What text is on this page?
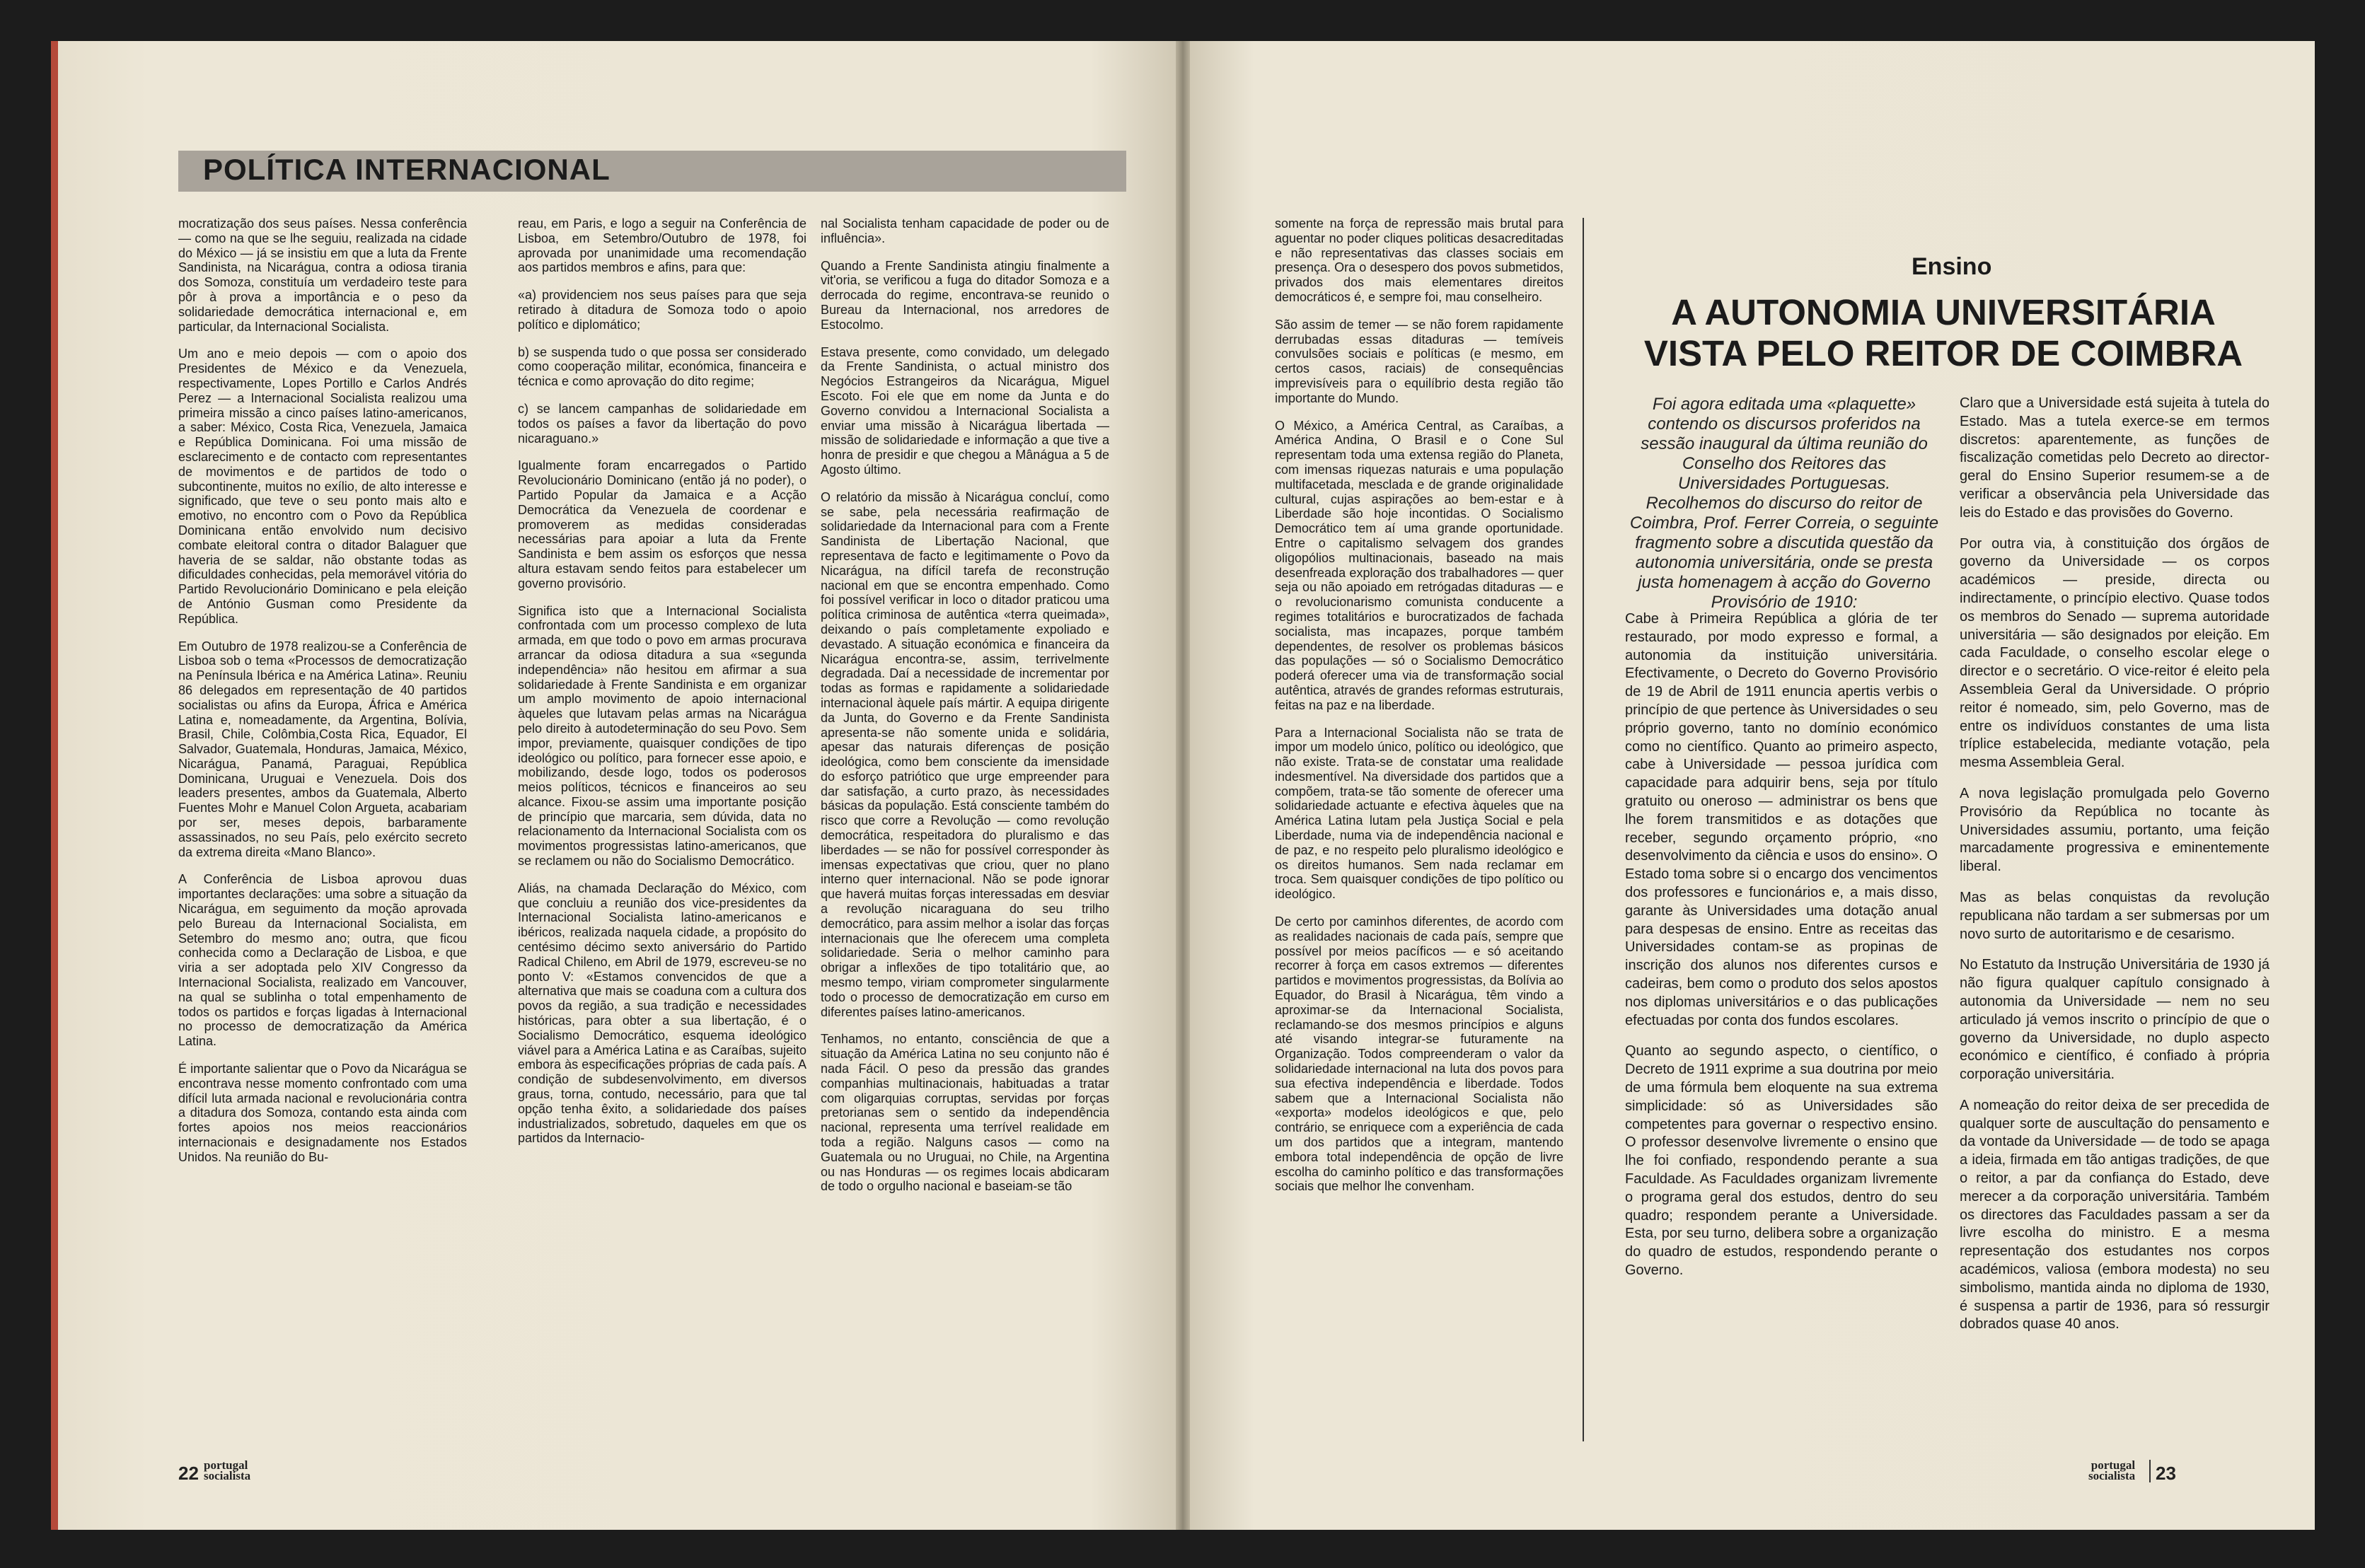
POLÍTICA INTERNACIONAL

mocratização dos seus países. Nessa conferência — como na que se lhe seguiu, realizada na cidade do México — já se insistiu em que a luta da Frente Sandinista, na Nicarágua, contra a odiosa tirania dos Somoza, constituía um verdadeiro teste para pôr à prova a importância e o peso da solidariedade democrática internacional e, em particular, da Internacional Socialista.

Um ano e meio depois — com o apoio dos Presidentes de México e da Venezuela, respectivamente, Lopes Portillo e Carlos Andrés Perez — a Internacional Socialista realizou uma primeira missão a cinco países latino-americanos, a saber: México, Costa Rica, Venezuela, Jamaica e República Dominicana. Foi uma missão de esclarecimento e de contacto com representantes de movimentos e de partidos de todo o subcontinente, muitos no exílio, de alto interesse e significado, que teve o seu ponto mais alto e emotivo, no encontro com o Povo da República Dominicana então envolvido num decisivo combate eleitoral contra o ditador Balaguer que haveria de se saldar, não obstante todas as dificuldades conhecidas, pela memorável vitória do Partido Revolucionário Dominicano e pela eleição de António Gusman como Presidente da República.

Em Outubro de 1978 realizou-se a Conferência de Lisboa sob o tema «Processos de democratização na Península Ibérica e na América Latina». Reuniu 86 delegados em representação de 40 partidos socialistas ou afins da Europa, África e América Latina e, nomeadamente, da Argentina, Bolívia, Brasil, Chile, Colômbia,Costa Rica, Equador, El Salvador, Guatemala, Honduras, Jamaica, México, Nicarágua, Panamá, Paraguai, República Dominicana, Uruguai e Venezuela. Dois dos leaders presentes, ambos da Guatemala, Alberto Fuentes Mohr e Manuel Colon Argueta, acabariam por ser, meses depois, barbaramente assassinados, no seu País, pelo exército secreto da extrema direita «Mano Blanco».

A Conferência de Lisboa aprovou duas importantes declarações: uma sobre a situação da Nicarágua, em seguimento da moção aprovada pelo Bureau da Internacional Socialista, em Setembro do mesmo ano; outra, que ficou conhecida como a Declaração de Lisboa, e que viria a ser adoptada pelo XIV Congresso da Internacional Socialista, realizado em Vancouver, na qual se sublinha o total empenhamento de todos os partidos e forças ligadas à Internacional no processo de democratização da América Latina.

É importante salientar que o Povo da Nicarágua se encontrava nesse momento confrontado com uma difícil luta armada nacional e revolucionária contra a ditadura dos Somoza, contando esta ainda com fortes apoios nos meios reaccionários internacionais e designadamente nos Estados Unidos. Na reunião do Bu-

reau, em Paris, e logo a seguir na Conferência de Lisboa, em Setembro/Outubro de 1978, foi aprovada por unanimidade uma recomendação aos partidos membros e afins, para que:

«a) providenciem nos seus países para que seja retirado à ditadura de Somoza todo o apoio político e diplomático;

b) se suspenda tudo o que possa ser considerado como cooperação militar, económica, financeira e técnica e como aprovação do dito regime;

c) se lancem campanhas de solidariedade em todos os países a favor da libertação do povo nicaraguano.»

Igualmente foram encarregados o Partido Revolucionário Dominicano (então já no poder), o Partido Popular da Jamaica e a Acção Democrática da Venezuela de coordenar e promoverem as medidas consideradas necessárias para apoiar a luta da Frente Sandinista e bem assim os esforços que nessa altura estavam sendo feitos para estabelecer um governo provisório.

Significa isto que a Internacional Socialista confrontada com um processo complexo de luta armada, em que todo o povo em armas procurava arrancar da odiosa ditadura a sua «segunda independência» não hesitou em afirmar a sua solidariedade à Frente Sandinista e em organizar um amplo movimento de apoio internacional àqueles que lutavam pelas armas na Nicarágua pelo direito à autodeterminação do seu Povo. Sem impor, previamente, quaisquer condições de tipo ideológico ou político, para fornecer esse apoio, e mobilizando, desde logo, todos os poderosos meios políticos, técnicos e financeiros ao seu alcance. Fixou-se assim uma importante posição de princípio que marcaria, sem dúvida, data no relacionamento da Internacional Socialista com os movimentos progressistas latino-americanos, que se reclamem ou não do Socialismo Democrático.

Aliás, na chamada Declaração do México, com que concluiu a reunião dos vice-presidentes da Internacional Socialista latino-americanos e ibéricos, realizada naquela cidade, a propósito do centésimo décimo sexto aniversário do Partido Radical Chileno, em Abril de 1979, escreveu-se no ponto V: «Estamos convencidos de que a alternativa que mais se coaduna com a cultura dos povos da região, a sua tradição e necessidades históricas, para obter a sua libertação, é o Socialismo Democrático, esquema ideológico viável para a América Latina e as Caraíbas, sujeito embora às especificações próprias de cada país. A condição de subdesenvolvimento, em diversos graus, torna, contudo, necessário, para que tal opção tenha êxito, a solidariedade dos países industrializados, sobretudo, daqueles em que os partidos da Internacio-

nal Socialista tenham capacidade de poder ou de influência».

Quando a Frente Sandinista atingiu finalmente a vit'oria, se verificou a fuga do ditador Somoza e a derrocada do regime, encontrava-se reunido o Bureau da Internacional, nos arredores de Estocolmo.

Estava presente, como convidado, um delegado da Frente Sandinista, o actual ministro dos Negócios Estrangeiros da Nicarágua, Miguel Escoto. Foi ele que em nome da Junta e do Governo convidou a Internacional Socialista a enviar uma missão à Nicarágua libertada — missão de solidariedade e informação a que tive a honra de presidir e que chegou a Mânágua a 5 de Agosto último.

O relatório da missão à Nicarágua concluí, como se sabe, pela necessária reafirmação de solidariedade da Internacional para com a Frente Sandinista de Libertação Nacional, que representava de facto e legitimamente o Povo da Nicarágua, na difícil tarefa de reconstrução nacional em que se encontra empenhado. Como foi possível verificar in loco o ditador praticou uma política criminosa de autêntica «terra queimada», deixando o país completamente expoliado e devastado. A situação económica e financeira da Nicarágua encontra-se, assim, terrivelmente degradada. Daí a necessidade de incrementar por todas as formas e rapidamente a solidariedade internacional àquele país mártir. A equipa dirigente da Junta, do Governo e da Frente Sandinista apresenta-se não somente unida e solidária, apesar das naturais diferenças de posição ideológica, como bem consciente da imensidade do esforço patriótico que urge empreender para dar satisfação, a curto prazo, às necessidades básicas da população. Está consciente também do risco que corre a Revolução — como revolução democrática, respeitadora do pluralismo e das liberdades — se não for possível corresponder às imensas expectativas que criou, quer no plano interno quer internacional. Não se pode ignorar que haverá muitas forças interessadas em desviar a revolução nicaraguana do seu trilho democrático, para assim melhor a isolar das forças internacionais que lhe oferecem uma completa solidariedade. Seria o melhor caminho para obrigar a inflexões de tipo totalitário que, ao mesmo tempo, viriam comprometer singularmente todo o processo de democratização em curso em diferentes países latino-americanos.

Tenhamos, no entanto, consciência de que a situação da América Latina no seu conjunto não é nada Fácil. O peso da pressão das grandes companhias multinacionais, habituadas a tratar com oligarquias corruptas, servidas por forças pretorianas sem o sentido da independência nacional, representa uma terrível realidade em toda a região. Nalguns casos — como na Guatemala ou no Uruguai, no Chile, na Argentina ou nas Honduras — os regimes locais abdicaram de todo o orgulho nacional e baseiam-se tão

22 portugal
socialista

somente na força de repressão mais brutal para aguentar no poder cliques politicas desacreditadas e não representativas das classes sociais em presença. Ora o desespero dos povos submetidos, privados dos mais elementares direitos democráticos é, e sempre foi, mau conselheiro.

São assim de temer — se não forem rapidamente derrubadas essas ditaduras — temíveis convulsões sociais e políticas (e mesmo, em certos casos, raciais) de consequências imprevisíveis para o equilíbrio desta região tão importante do Mundo.

O México, a América Central, as Caraíbas, a América Andina, O Brasil e o Cone Sul representam toda uma extensa região do Planeta, com imensas riquezas naturais e uma população multifacetada, mesclada e de grande originalidade cultural, cujas aspirações ao bem-estar e à Liberdade são hoje incontidas. O Socialismo Democrático tem aí uma grande oportunidade. Entre o capitalismo selvagem dos grandes oligopólios multinacionais, baseado na mais desenfreada exploração dos trabalhadores — quer seja ou não apoiado em retrógadas ditaduras — e o revolucionarismo comunista conducente a regimes totalitários e burocratizados de fachada socialista, mas incapazes, porque também dependentes, de resolver os problemas básicos das populações — só o Socialismo Democrático poderá oferecer uma via de transformação social autêntica, através de grandes reformas estruturais, feitas na paz e na liberdade.

Para a Internacional Socialista não se trata de impor um modelo único, político ou ideológico, que não existe. Trata-se de constatar uma realidade indesmentível. Na diversidade dos partidos que a compõem, trata-se tão somente de oferecer uma solidariedade actuante e efectiva àqueles que na América Latina lutam pela Justiça Social e pela Liberdade, numa via de independência nacional e de paz, e no respeito pelo pluralismo ideológico e os direitos humanos. Sem nada reclamar em troca. Sem quaisquer condições de tipo político ou ideológico.

De certo por caminhos diferentes, de acordo com as realidades nacionais de cada país, sempre que possível por meios pacíficos — e só aceitando recorrer à força em casos extremos — diferentes partidos e movimentos progressistas, da Bolívia ao Equador, do Brasil à Nicarágua, têm vindo a aproximar-se da Internacional Socialista, reclamando-se dos mesmos princípios e alguns até visando integrar-se futuramente na Organização. Todos compreenderam o valor da solidariedade internacional na luta dos povos para sua efectiva independência e liberdade. Todos sabem que a Internacional Socialista não «exporta» modelos ideológicos e que, pelo contrário, se enriquece com a experiência de cada um dos partidos que a integram, mantendo embora total independência de opção de livre escolha do caminho político e das transformações sociais que melhor lhe convenham.

Ensino
A AUTONOMIA UNIVERSITÁRIA
VISTA PELO REITOR DE COIMBRA
Foi agora editada uma «plaquette» contendo os discursos proferidos na sessão inaugural da última reunião do Conselho dos Reitores das Universidades Portuguesas. Recolhemos do discurso do reitor de Coimbra, Prof. Ferrer Correia, o seguinte fragmento sobre a discutida questão da autonomia universitária, onde se presta justa homenagem à acção do Governo Provisório de 1910:

Cabe à Primeira República a glória de ter restaurado, por modo expresso e formal, a autonomia da instituição universitária. Efectivamente, o Decreto do Governo Provisório de 19 de Abril de 1911 enuncia apertis verbis o princípio de que pertence às Universidades o seu próprio governo, tanto no domínio económico como no científico. Quanto ao primeiro aspecto, cabe à Universidade — pessoa jurídica com capacidade para adquirir bens, seja por título gratuito ou oneroso — administrar os bens que lhe forem transmitidos e as dotações que receber, segundo orçamento próprio, «no desenvolvimento da ciência e usos do ensino». O Estado toma sobre si o encargo dos vencimentos dos professores e funcionários e, a mais disso, garante às Universidades uma dotação anual para despesas de ensino. Entre as receitas das Universidades contam-se as propinas de inscrição dos alunos nos diferentes cursos e cadeiras, bem como o produto dos selos apostos nos diplomas universitários e o das publicações efectuadas por conta dos fundos escolares.

Quanto ao segundo aspecto, o científico, o Decreto de 1911 exprime a sua doutrina por meio de uma fórmula bem eloquente na sua extrema simplicidade: só as Universidades são competentes para governar o respectivo ensino. O professor desenvolve livremente o ensino que lhe foi confiado, respondendo perante a sua Faculdade. As Faculdades organizam livremente o programa geral dos estudos, dentro do seu quadro; respondem perante a Universidade. Esta, por seu turno, delibera sobre a organização do quadro de estudos, respondendo perante o Governo.

Claro que a Universidade está sujeita à tutela do Estado. Mas a tutela exerce-se em termos discretos: aparentemente, as funções de fiscalização cometidas pelo Decreto ao director-geral do Ensino Superior resumem-se a de verificar a observância pela Universidade das leis do Estado e das provisões do Governo.

Por outra via, à constituição dos órgãos de governo da Universidade — os corpos académicos — preside, directa ou indirectamente, o princípio electivo. Quase todos os membros do Senado — suprema autoridade universitária — são designados por eleição. Em cada Faculdade, o conselho escolar elege o director e o secretário. O vice-reitor é eleito pela Assembleia Geral da Universidade. O próprio reitor é nomeado, sim, pelo Governo, mas de entre os indivíduos constantes de uma lista tríplice estabelecida, mediante votação, pela mesma Assembleia Geral.

A nova legislação promulgada pelo Governo Provisório da República no tocante às Universidades assumiu, portanto, uma feição marcadamente progressiva e eminentemente liberal.

Mas as belas conquistas da revolução republicana não tardam a ser submersas por um novo surto de autoritarismo e de cesarismo.

No Estatuto da Instrução Universitária de 1930 já não figura qualquer capítulo consignado à autonomia da Universidade — nem no seu articulado já vemos inscrito o princípio de que o governo da Universidade, no duplo aspecto económico e científico, é confiado à própria corporação universitária.

A nomeação do reitor deixa de ser precedida de qualquer sorte de auscultação do pensamento e da vontade da Universidade — de todo se apaga a ideia, firmada em tão antigas tradições, de que o reitor, a par da confiança do Estado, deve merecer a da corporação universitária. Também os directores das Faculdades passam a ser da livre escolha do ministro. E a mesma representação dos estudantes nos corpos académicos, valiosa (embora modesta) no seu simbolismo, mantida ainda no diploma de 1930, é suspensa a partir de 1936, para só ressurgir dobrados quase 40 anos.

portugal
socialista 23
